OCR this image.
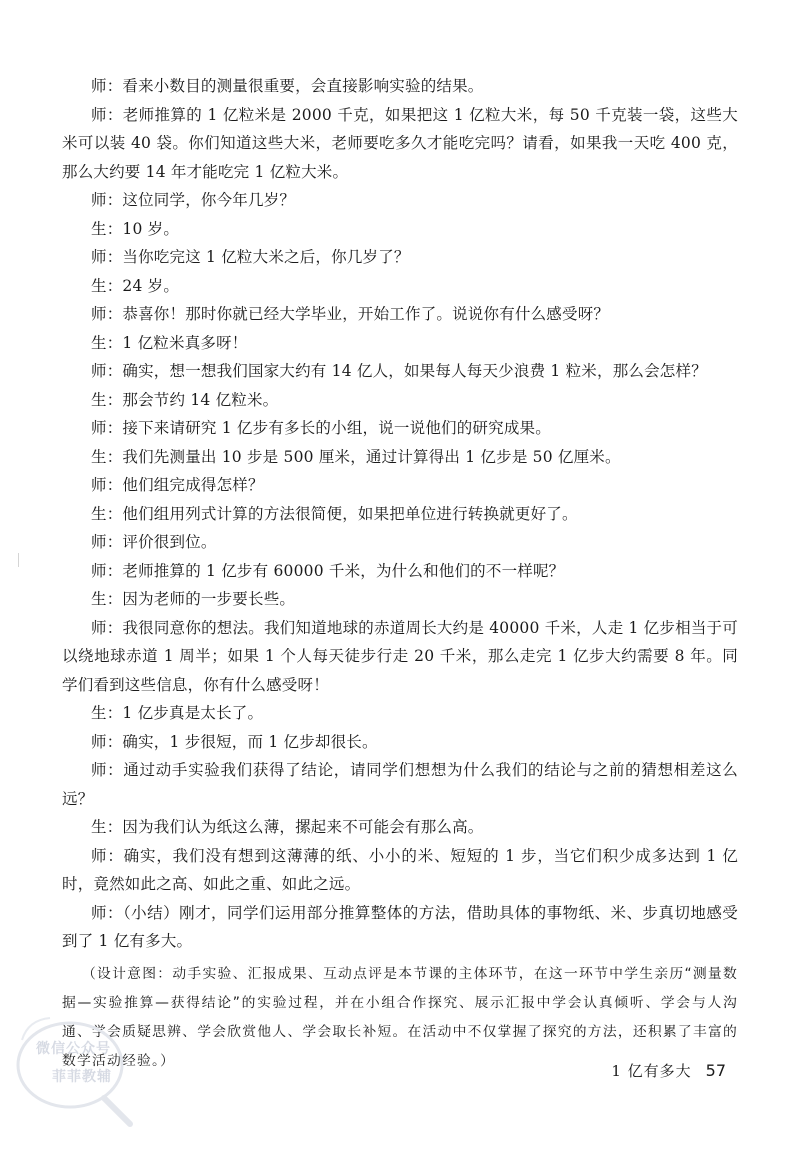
师：看来小数目的测量很重要，会直接影响实验的结果。

师：老师推算的 1 亿粒米是 2000 千克，如果把这 1 亿粒大米，每 50 千克装一袋，这些大米可以装 40 袋。你们知道这些大米，老师要吃多久才能吃完吗？请看，如果我一天吃 400 克，那么大约要 14 年才能吃完 1 亿粒大米。

师：这位同学，你今年几岁？

生：10 岁。

师：当你吃完这 1 亿粒大米之后，你几岁了？

生：24 岁。

师：恭喜你！那时你就已经大学毕业，开始工作了。说说你有什么感受呀？

生：1 亿粒米真多呀！

师：确实，想一想我们国家大约有 14 亿人，如果每人每天少浪费 1 粒米，那么会怎样？

生：那会节约 14 亿粒米。

师：接下来请研究 1 亿步有多长的小组，说一说他们的研究成果。

生：我们先测量出 10 步是 500 厘米，通过计算得出 1 亿步是 50 亿厘米。

师：他们组完成得怎样？

生：他们组用列式计算的方法很简便，如果把单位进行转换就更好了。

师：评价很到位。

师：老师推算的 1 亿步有 60000 千米，为什么和他们的不一样呢？

生：因为老师的一步要长些。

师：我很同意你的想法。我们知道地球的赤道周长大约是 40000 千米，人走 1 亿步相当于可以绕地球赤道 1 周半；如果 1 个人每天徒步行走 20 千米，那么走完 1 亿步大约需要 8 年。同学们看到这些信息，你有什么感受呀！

生：1 亿步真是太长了。

师：确实，1 步很短，而 1 亿步却很长。

师：通过动手实验我们获得了结论，请同学们想想为什么我们的结论与之前的猜想相差这么远？

生：因为我们认为纸这么薄，摞起来不可能会有那么高。

师：确实，我们没有想到这薄薄的纸、小小的米、短短的 1 步，当它们积少成多达到 1 亿时，竟然如此之高、如此之重、如此之远。

师：（小结）刚才，同学们运用部分推算整体的方法，借助具体的事物纸、米、步真切地感受到了 1 亿有多大。

（设计意图：动手实验、汇报成果、互动点评是本节课的主体环节，在这一环节中学生亲历“测量数据—实验推算—获得结论”的实验过程，并在小组合作探究、展示汇报中学会认真倾听、学会与人沟通、学会质疑思辨、学会欣赏他人、学会取长补短。在活动中不仅掌握了探究的方法，还积累了丰富的数学活动经验。）

1 亿有多大 57
微信公众号
菲菲教辅
